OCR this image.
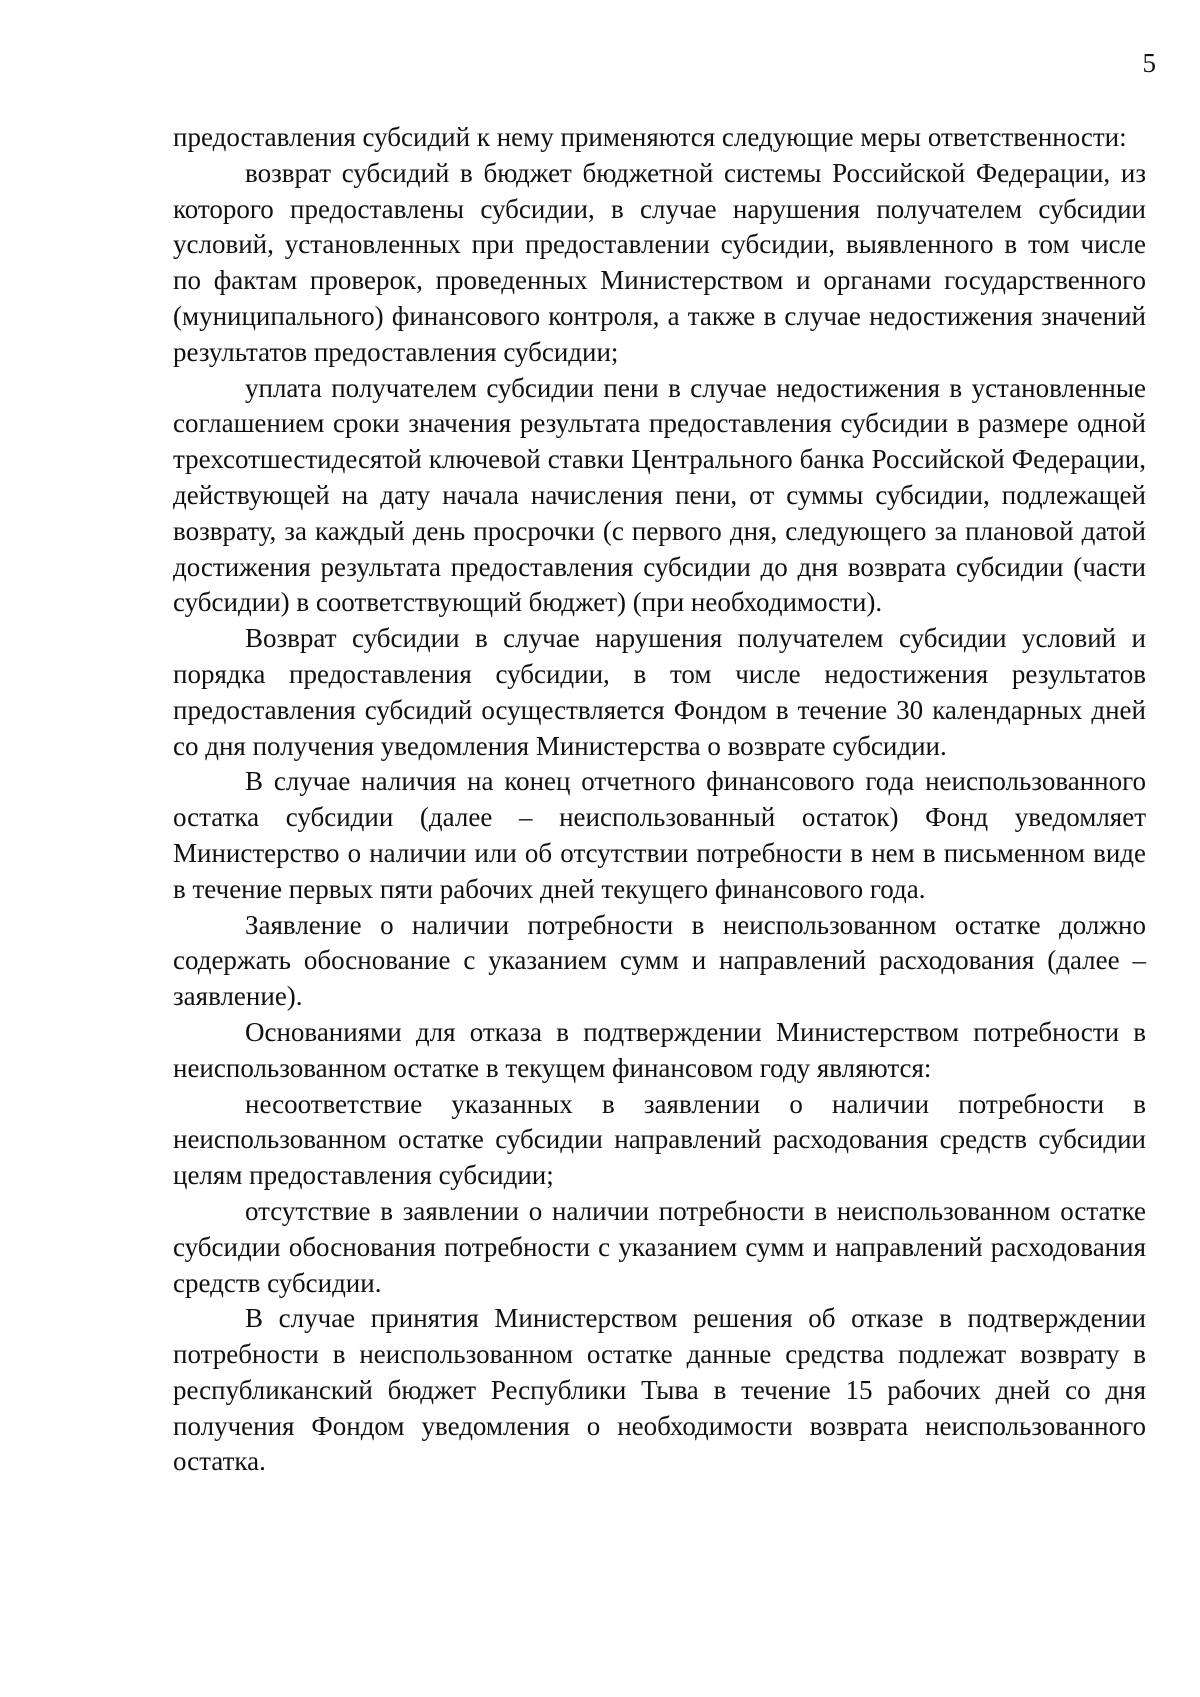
5

предоставления субсидий к нему применяются следующие меры ответственности:

возврат субсидий в бюджет бюджетной системы Российской Федерации, из которого предоставлены субсидии, в случае нарушения получателем субсидии условий, установленных при предоставлении субсидии, выявленного в том числе по фактам проверок, проведенных Министерством и органами государственного (муниципального) финансового контроля, а также в случае недостижения значений результатов предоставления субсидии;

уплата получателем субсидии пени в случае недостижения в установленные соглашением сроки значения результата предоставления субсидии в размере одной трехсотшестидесятой ключевой ставки Центрального банка Российской Федерации, действующей на дату начала начисления пени, от суммы субсидии, подлежащей возврату, за каждый день просрочки (с первого дня, следующего за плановой датой достижения результата предоставления субсидии до дня возврата субсидии (части субсидии) в соответствующий бюджет) (при необходимости).

Возврат субсидии в случае нарушения получателем субсидии условий и порядка предоставления субсидии, в том числе недостижения результатов предоставления субсидий осуществляется Фондом в течение 30 календарных дней со дня получения уведомления Министерства о возврате субсидии.

В случае наличия на конец отчетного финансового года неиспользованного остатка субсидии (далее – неиспользованный остаток) Фонд уведомляет Министерство о наличии или об отсутствии потребности в нем в письменном виде в течение первых пяти рабочих дней текущего финансового года.

Заявление о наличии потребности в неиспользованном остатке должно содержать обоснование с указанием сумм и направлений расходования (далее – заявление).

Основаниями для отказа в подтверждении Министерством потребности в неиспользованном остатке в текущем финансовом году являются:

несоответствие указанных в заявлении о наличии потребности в неиспользованном остатке субсидии направлений расходования средств субсидии целям предоставления субсидии;

отсутствие в заявлении о наличии потребности в неиспользованном остатке субсидии обоснования потребности с указанием сумм и направлений расходования средств субсидии.

В случае принятия Министерством решения об отказе в подтверждении потребности в неиспользованном остатке данные средства подлежат возврату в республиканский бюджет Республики Тыва в течение 15 рабочих дней со дня получения Фондом уведомления о необходимости возврата неиспользованного остатка.
